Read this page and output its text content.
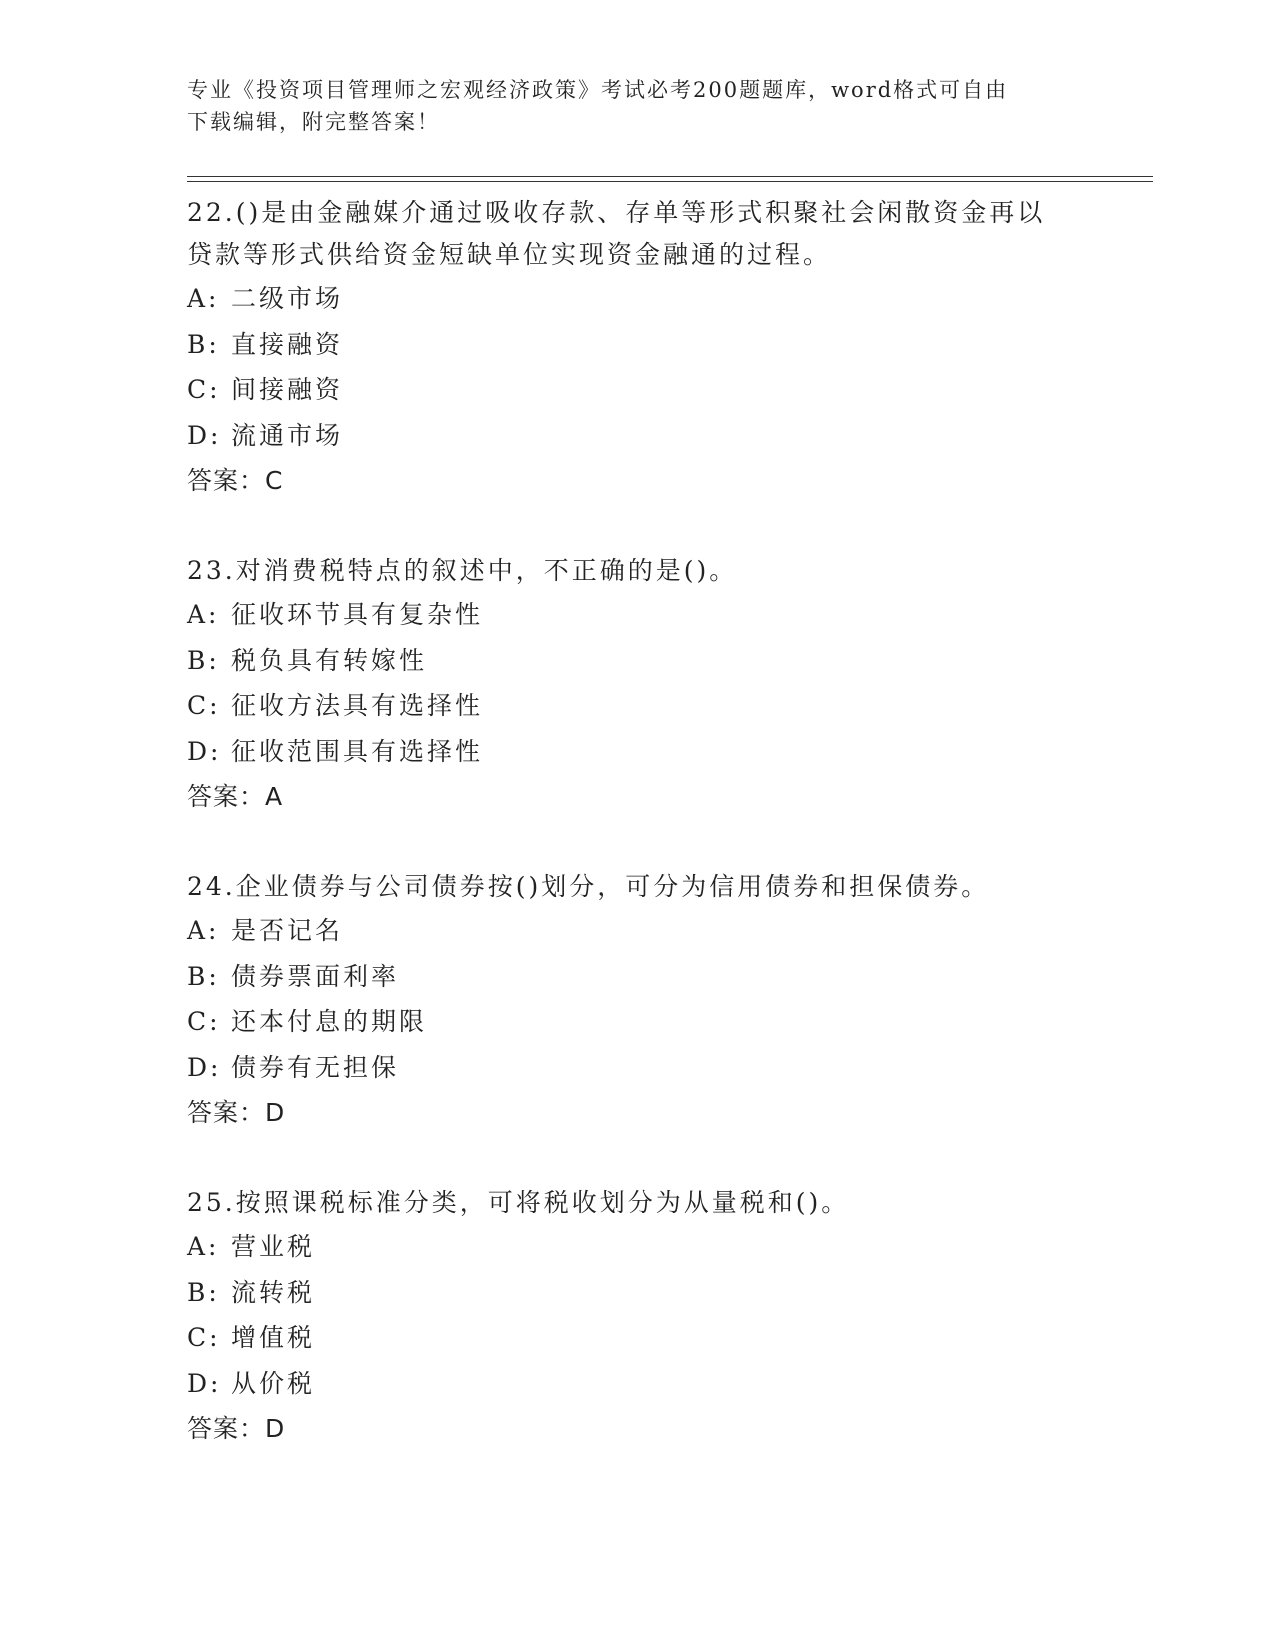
专业《投资项目管理师之宏观经济政策》考试必考200题题库，word格式可自由
下载编辑，附完整答案！
22.()是由金融媒介通过吸收存款、存单等形式积聚社会闲散资金再以
贷款等形式供给资金短缺单位实现资金融通的过程。
A: 二级市场
B: 直接融资
C: 间接融资
D: 流通市场
答案：C
23.对消费税特点的叙述中，不正确的是()。
A: 征收环节具有复杂性
B: 税负具有转嫁性
C: 征收方法具有选择性
D: 征收范围具有选择性
答案：A
24.企业债券与公司债券按()划分，可分为信用债券和担保债券。
A: 是否记名
B: 债券票面利率
C: 还本付息的期限
D: 债券有无担保
答案：D
25.按照课税标准分类，可将税收划分为从量税和()。
A: 营业税
B: 流转税
C: 增值税
D: 从价税
答案：D
